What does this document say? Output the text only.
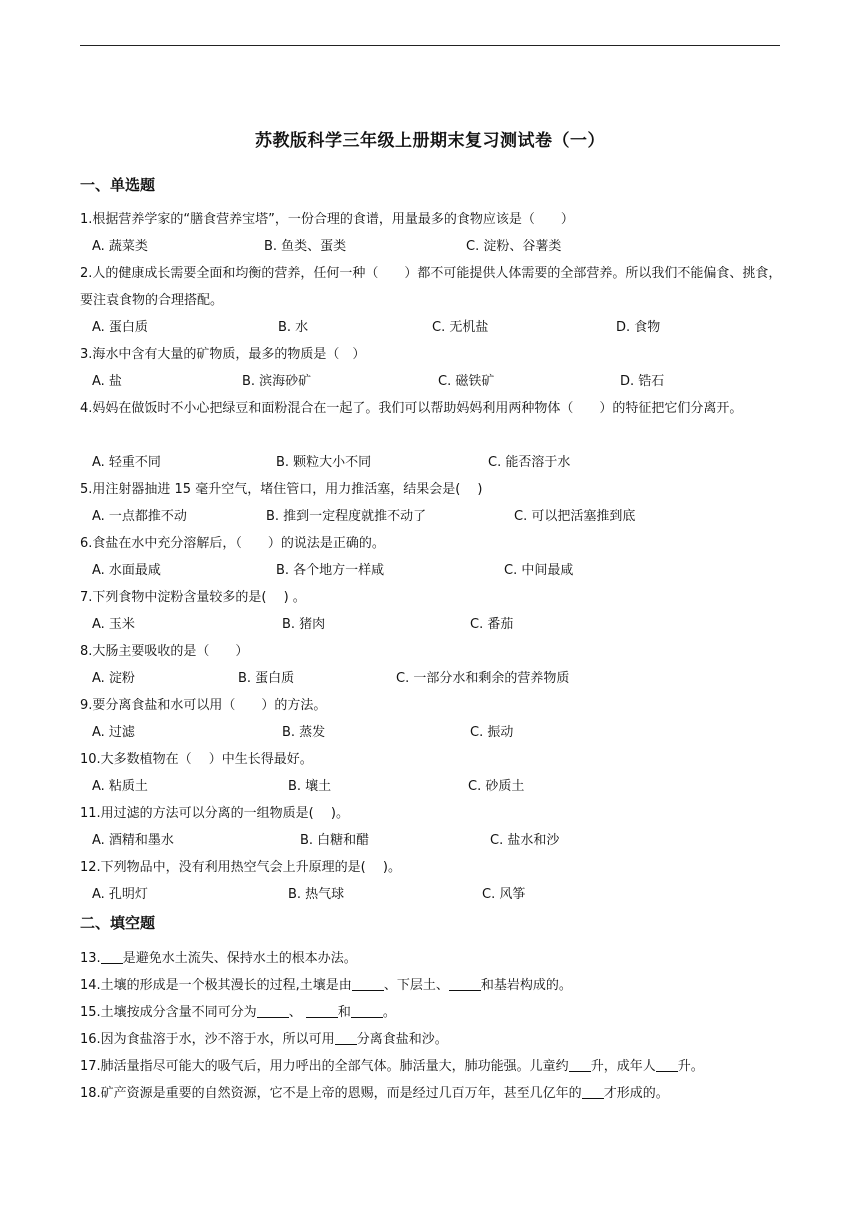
苏教版科学三年级上册期末复习测试卷（一）
一、单选题
1.根据营养学家的“膳食营养宝塔”，一份合理的食谱，用量最多的食物应该是（　　）
A. 蔬菜类	B. 鱼类、蛋类	C. 淀粉、谷薯类
2.人的健康成长需要全面和均衡的营养，任何一种（　　）都不可能提供人体需要的全部营养。所以我们不能偏食、挑食，要注袁食物的合理搭配。
A. 蛋白质	B. 水	C. 无机盐	D. 食物
3.海水中含有大量的矿物质，最多的物质是（　）
A. 盐	B. 滨海砂矿	C. 磁铁矿	D. 锆石
4.妈妈在做饭时不小心把绿豆和面粉混合在一起了。我们可以帮助妈妈利用两种物体（　　）的特征把它们分离开。
A. 轻重不同	B. 颗粒大小不同	C. 能否溶于水
5.用注射器抽进 15 毫升空气，堵住管口，用力推活塞，结果会是(　 )
A. 一点都推不动	B. 推到一定程度就推不动了	C. 可以把活塞推到底
6.食盐在水中充分溶解后，（　　）的说法是正确的。
A. 水面最咸	B. 各个地方一样咸	C. 中间最咸
7.下列食物中淀粉含量较多的是(　 ) 。
A. 玉米	B. 猪肉	C. 番茄
8.大肠主要吸收的是（　　）
A. 淀粉	B. 蛋白质	C. 一部分水和剩余的营养物质
9.要分离食盐和水可以用（　　）的方法。
A. 过滤	B. 蒸发	C. 振动
10.大多数植物在（　 ）中生长得最好。
A. 粘质土	B. 壤土	C. 砂质土
11.用过滤的方法可以分离的一组物质是(　 )。
A. 酒精和墨水	B. 白糖和醋	C. 盐水和沙
12.下列物品中，没有利用热空气会上升原理的是(　 )。
A. 孔明灯	B. 热气球	C. 风筝
二、填空题
13. 是避免水土流失、保持水土的根本办法。
14.土壤的形成是一个极其漫长的过程,土壤是由 、下层土、 和基岩构成的。
15.土壤按成分含量不同可分为 、 和 。
16.因为食盐溶于水，沙不溶于水，所以可用 分离食盐和沙。
17.肺活量指尽可能大的吸气后，用力呼出的全部气体。肺活量大，肺功能强。儿童约 升，成年人 升。
18.矿产资源是重要的自然资源，它不是上帝的恩赐，而是经过几百万年，甚至几亿年的 才形成的。
